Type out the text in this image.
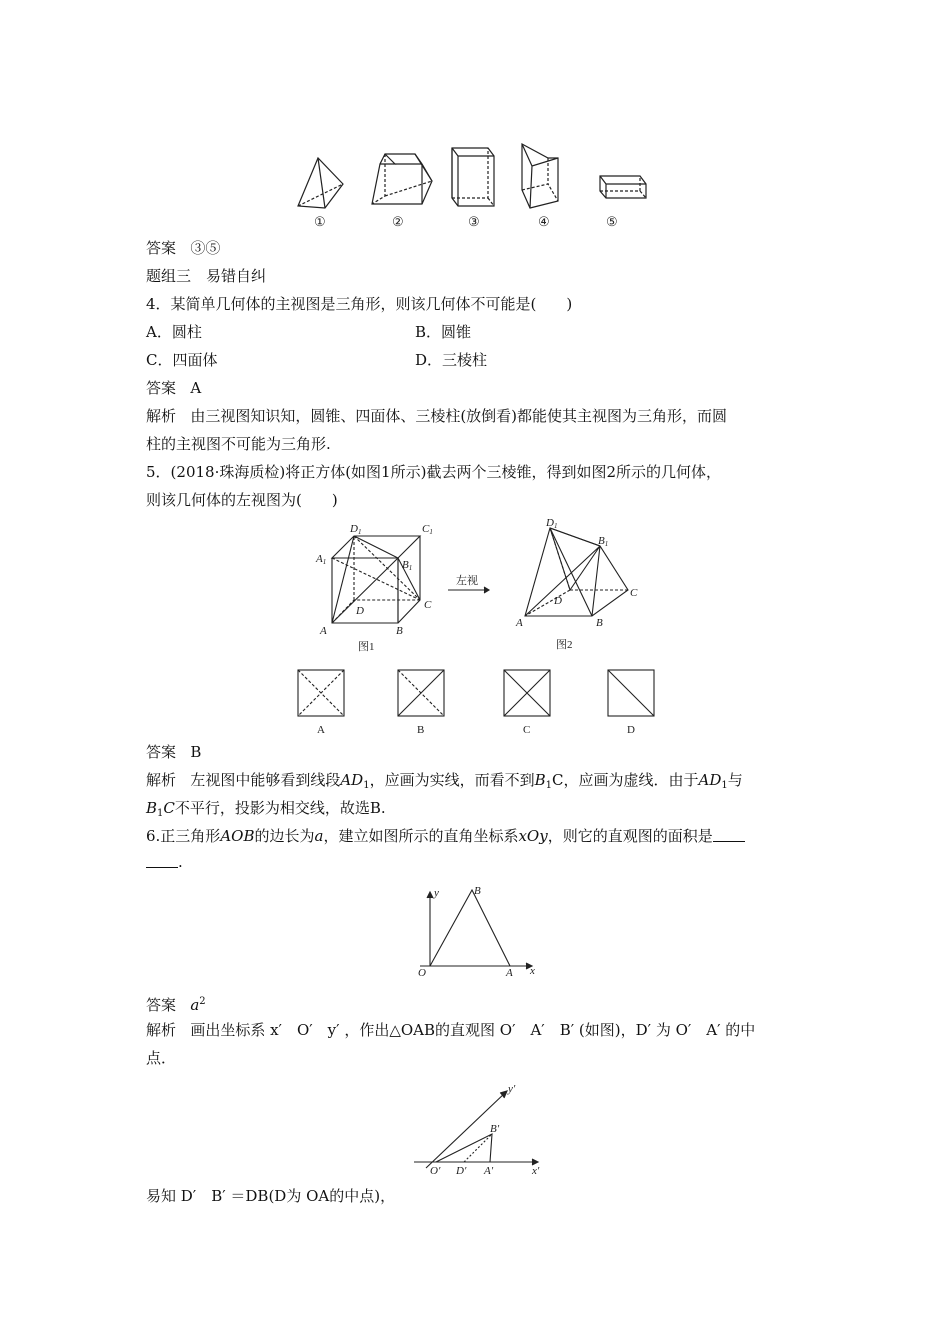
①	②	③	④	⑤
答案 ③⑤
题组三　易错自纠
4．某简单几何体的主视图是三角形，则该几何体不可能是(　　)
A．圆柱	B．圆锥
C．四面体	D．三棱柱
答案 A
解析 由三视图知识知，圆锥、四面体、三棱柱(放倒看)都能使其主视图为三角形，而圆
柱的主视图不可能为三角形.
5．(2018·珠海质检)将正方体(如图1所示)截去两个三棱锥，得到如图2所示的几何体，
则该几何体的左视图为(　　)
D1	C1
A1	B1
D	C
A	B
图1
左视
D1
B1
D
C
A	B
图2
A	B	C	D
答案 B
解析 左视图中能够看到线段$AD_1$，应画为实线，而看不到$B_1C$，应画为虚线．由于$AD_1$与
$B_1C$不平行，投影为相交线，故选B.
6.正三角形AOB的边长为a，建立如图所示的直角坐标系xOy，则它的直观图的面积是
.
y	B
O	A x
答案 $a^2$
解析 画出坐标系 x′　O′　y′ ，作出△OAB的直观图 O′　A′　B′ (如图)，D′ 为 O′　A′ 的中
点．
y′
B′
O′ D′ A′	x′
易知 D′　B′ ＝DB(D为 OA的中点)，
